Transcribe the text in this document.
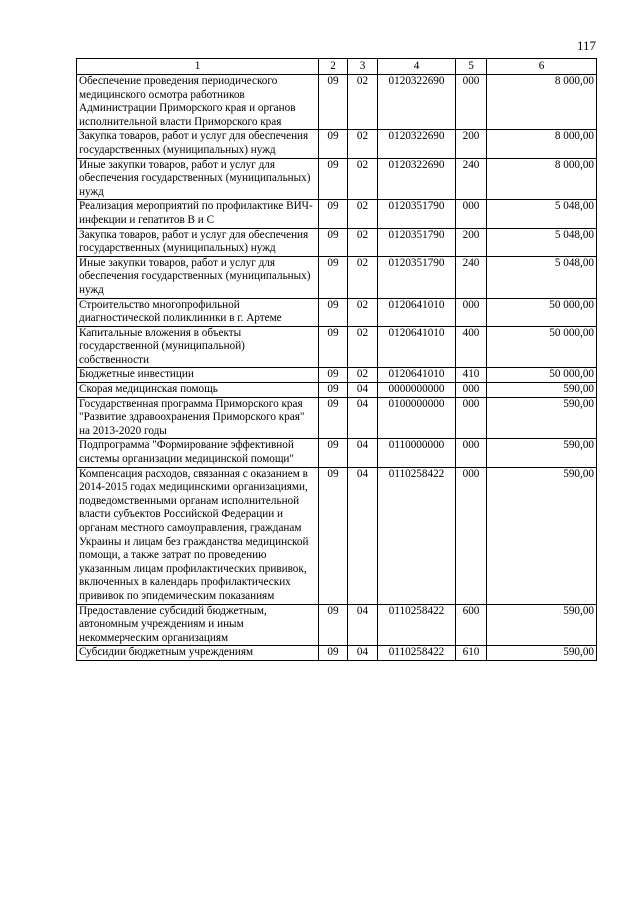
117
1	2	3	4	5	6
Обеспечение проведения периодического медицинского осмотра работников Администрации Приморского края и органов исполнительной власти Приморского края	09	02	0120322690	000	8 000,00
Закупка товаров, работ и услуг для обеспечения государственных (муниципальных) нужд	09	02	0120322690	200	8 000,00
Иные закупки товаров, работ и услуг для обеспечения государственных (муниципальных) нужд	09	02	0120322690	240	8 000,00
Реализация мероприятий по профилактике ВИЧ-инфекции и гепатитов B и C	09	02	0120351790	000	5 048,00
Закупка товаров, работ и услуг для обеспечения государственных (муниципальных) нужд	09	02	0120351790	200	5 048,00
Иные закупки товаров, работ и услуг для обеспечения государственных (муниципальных) нужд	09	02	0120351790	240	5 048,00
Строительство многопрофильной диагностической поликлиники в г. Артеме	09	02	0120641010	000	50 000,00
Капитальные вложения в объекты государственной (муниципальной) собственности	09	02	0120641010	400	50 000,00
Бюджетные инвестиции	09	02	0120641010	410	50 000,00
Скорая медицинская помощь	09	04	0000000000	000	590,00
Государственная программа Приморского края "Развитие здравоохранения Приморского края" на 2013-2020 годы	09	04	0100000000	000	590,00
Подпрограмма "Формирование эффективной системы организации медицинской помощи"	09	04	0110000000	000	590,00
Компенсация расходов, связанная с оказанием в 2014-2015 годах медицинскими организациями, подведомственными органам исполнительной власти субъектов Российской Федерации и органам местного самоуправления, гражданам Украины и лицам без гражданства медицинской помощи, а также затрат по проведению указанным лицам профилактических прививок, включенных в календарь профилактических прививок по эпидемическим показаниям	09	04	0110258422	000	590,00
Предоставление субсидий бюджетным, автономным учреждениям и иным некоммерческим организациям	09	04	0110258422	600	590,00
Субсидии бюджетным учреждениям	09	04	0110258422	610	590,00
